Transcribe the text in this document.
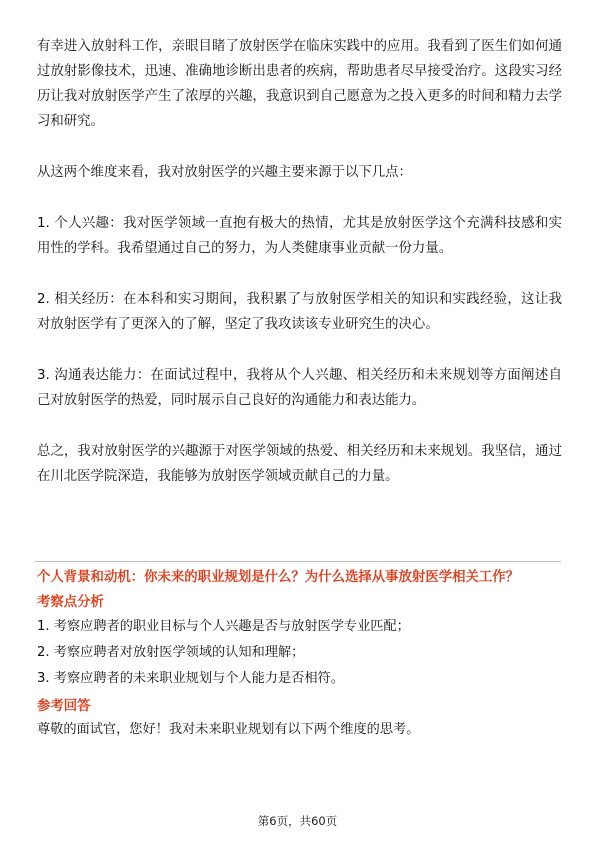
有幸进入放射科工作，亲眼目睹了放射医学在临床实践中的应用。我看到了医生们如何通过放射影像技术，迅速、准确地诊断出患者的疾病，帮助患者尽早接受治疗。这段实习经历让我对放射医学产生了浓厚的兴趣，我意识到自己愿意为之投入更多的时间和精力去学习和研究。

从这两个维度来看，我对放射医学的兴趣主要来源于以下几点：

1. 个人兴趣：我对医学领域一直抱有极大的热情，尤其是放射医学这个充满科技感和实用性的学科。我希望通过自己的努力，为人类健康事业贡献一份力量。

2. 相关经历：在本科和实习期间，我积累了与放射医学相关的知识和实践经验，这让我对放射医学有了更深入的了解，坚定了我攻读该专业研究生的决心。

3. 沟通表达能力：在面试过程中，我将从个人兴趣、相关经历和未来规划等方面阐述自己对放射医学的热爱，同时展示自己良好的沟通能力和表达能力。

总之，我对放射医学的兴趣源于对医学领域的热爱、相关经历和未来规划。我坚信，通过在川北医学院深造，我能够为放射医学领域贡献自己的力量。

个人背景和动机：你未来的职业规划是什么？为什么选择从事放射医学相关工作？

考察点分析

1. 考察应聘者的职业目标与个人兴趣是否与放射医学专业匹配；

2. 考察应聘者对放射医学领域的认知和理解；

3. 考察应聘者的未来职业规划与个人能力是否相符。

参考回答

尊敬的面试官，您好！我对未来职业规划有以下两个维度的思考。

第6页，共60页
